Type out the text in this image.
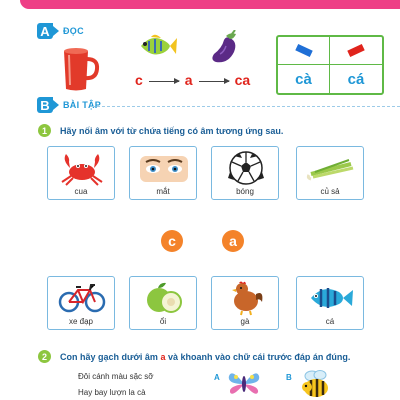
A	ĐỌC
c	a	ca	cà cá
B	BÀI TẬP
1	Hãy nối âm với từ chứa tiếng có âm tương ứng sau.
cua	mắt	bóng	củ sả
c	a
xe đạp	ổi	gà	cá
2	Con hãy gạch dưới âm a và khoanh vào chữ cái trước đáp án đúng.
Đôi cánh màu sặc sỡ
Hay bay lượn la cà
A	B
